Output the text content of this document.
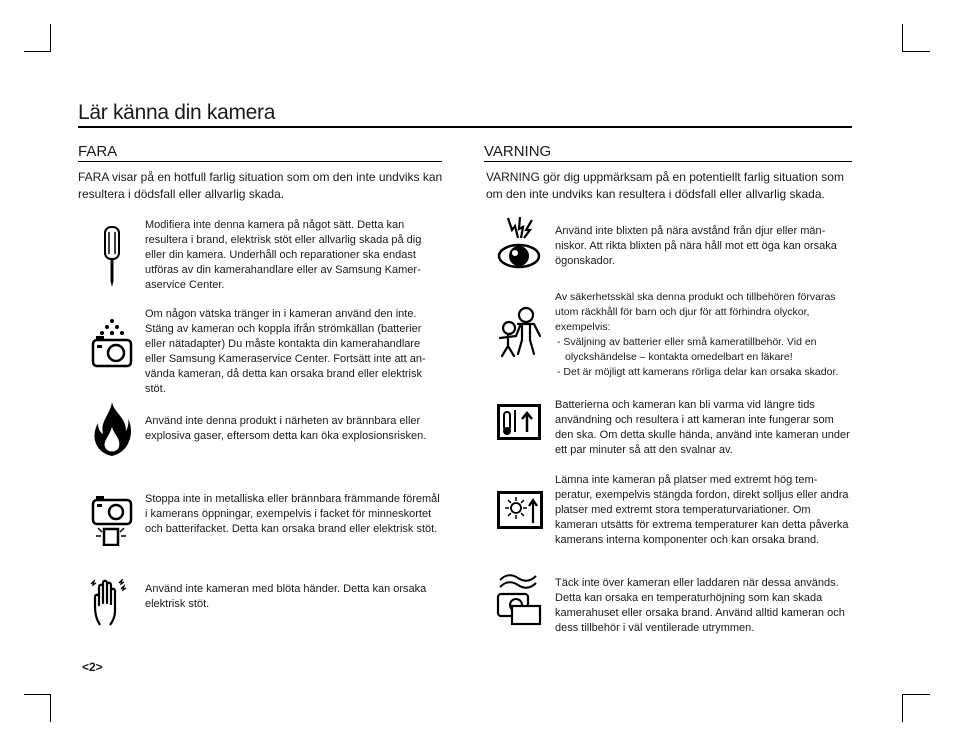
Lär känna din kamera
FARA
FARA visar på en hotfull farlig situation som om den inte undviks kan resultera i dödsfall eller allvarlig skada.
Modifiera inte denna kamera på något sätt. Detta kan resultera i brand, elektrisk stöt eller allvarlig skada på dig eller din kamera. Underhåll och reparationer ska endast utföras av din kamerahandlare eller av Samsung Kamer-aservice Center.
Om någon vätska tränger in i kameran använd den inte. Stäng av kameran och koppla ifrån strömkällan (batterier eller nätadapter) Du måste kontakta din kamerahandlare eller Samsung Kameraservice Center. Fortsätt inte att an-vända kameran, då detta kan orsaka brand eller elektrisk stöt.
Använd inte denna produkt i närheten av brännbara eller explosiva gaser, eftersom detta kan öka explosionsrisken.
Stoppa inte in metalliska eller brännbara främmande föremål i kamerans öppningar, exempelvis i facket för minneskortet och batterifacket. Detta kan orsaka brand eller elektrisk stöt.
Använd inte kameran med blöta händer. Detta kan orsaka elektrisk stöt.
<2>
VARNING
VARNING gör dig uppmärksam på en potentiellt farlig situation som om den inte undviks kan resultera i dödsfall eller allvarlig skada.
Använd inte blixten på nära avstånd från djur eller män-niskor. Att rikta blixten på nära håll mot ett öga kan orsaka ögonskador.
Av säkerhetsskäl ska denna produkt och tillbehören förvaras utom räckhåll för barn och djur för att förhindra olyckor, exempelvis:
- Sväljning av batterier eller små kameratillbehör. Vid en olyckshändelse – kontakta omedelbart en läkare!
- Det är möjligt att kamerans rörliga delar kan orsaka skador.
Batterierna och kameran kan bli varma vid längre tids användning och resultera i att kameran inte fungerar som den ska. Om detta skulle hända, använd inte kameran under ett par minuter så att den svalnar av.
Lämna inte kameran på platser med extremt hög tem-peratur, exempelvis stängda fordon, direkt solljus eller andra platser med extremt stora temperaturvariationer. Om kameran utsätts för extrema temperaturer kan detta påverka kamerans interna komponenter och kan orsaka brand.
Täck inte över kameran eller laddaren när dessa används. Detta kan orsaka en temperaturhöjning som kan skada kamerahuset eller orsaka brand. Använd alltid kameran och dess tillbehör i väl ventilerade utrymmen.
